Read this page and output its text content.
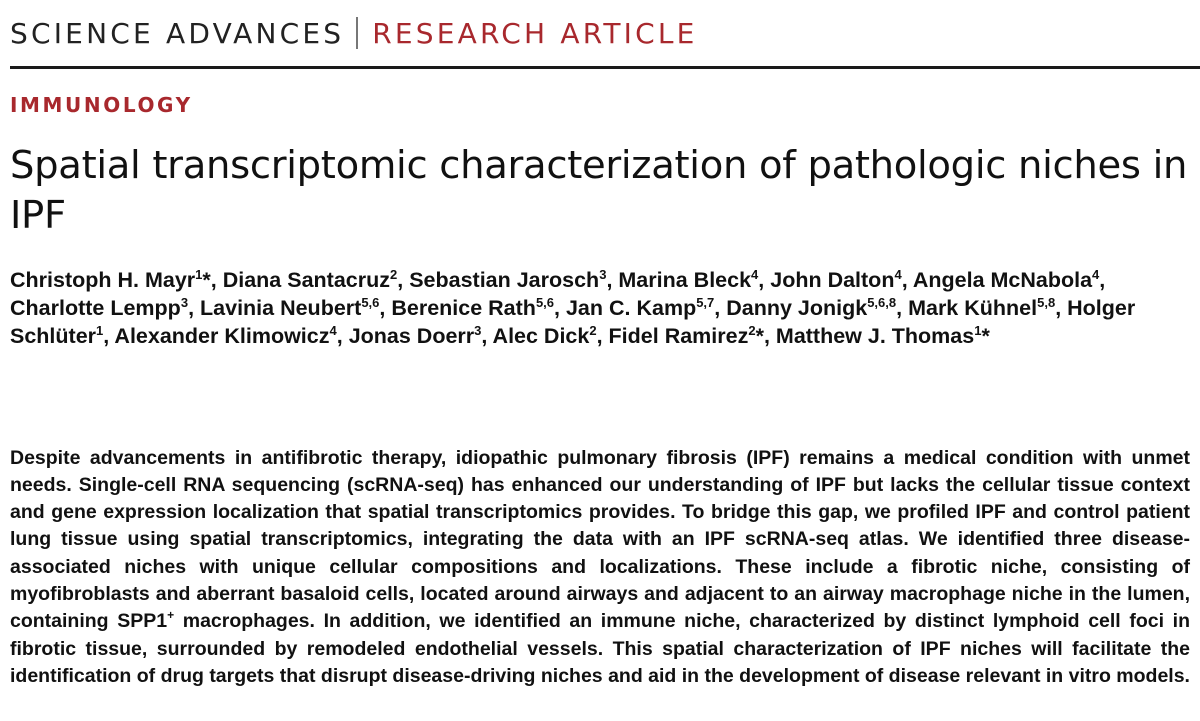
SCIENCE ADVANCES RESEARCH ARTICLE
IMMUNOLOGY
Spatial transcriptomic characterization of pathologic niches in IPF
Christoph H. Mayr$^1$*, Diana Santacruz$^2$, Sebastian Jarosch$^3$, Marina Bleck$^4$, John Dalton$^4$, Angela McNabola$^4$, Charlotte Lempp$^3$, Lavinia Neubert$^{5,6}$, Berenice Rath$^{5,6}$, Jan C. Kamp$^{5,7}$, Danny Jonigk$^{5,6,8}$, Mark Kühnel$^{5,8}$, Holger Schlüter$^1$, Alexander Klimowicz$^4$, Jonas Doerr$^3$, Alec Dick$^2$, Fidel Ramirez$^2$*, Matthew J. Thomas$^1$*

Despite advancements in antifibrotic therapy, idiopathic pulmonary fibrosis (IPF) remains a medical condition with unmet needs. Single-cell RNA sequencing (scRNA-seq) has enhanced our understanding of IPF but lacks the cellular tissue context and gene expression localization that spatial transcriptomics provides. To bridge this gap, we profiled IPF and control patient lung tissue using spatial transcriptomics, integrating the data with an IPF scRNA-seq atlas. We identified three disease-associated niches with unique cellular compositions and localizations. These include a fibrotic niche, consisting of myofibroblasts and aberrant basaloid cells, located around airways and adjacent to an airway macrophage niche in the lumen, containing SPP1+ macrophages. In addition, we identified an immune niche, characterized by distinct lymphoid cell foci in fibrotic tissue, surrounded by remodeled endothelial vessels. This spatial characterization of IPF niches will facilitate the identification of drug targets that disrupt disease-driving niches and aid in the development of disease relevant in vitro models.
